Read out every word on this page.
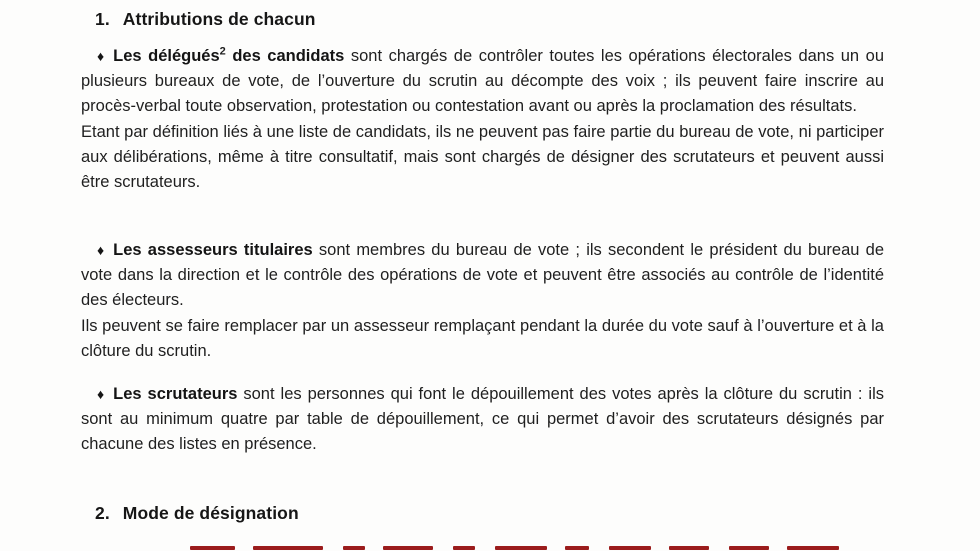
1. Attributions de chacun

♦ Les délégués$^2$ des candidats sont chargés de contrôler toutes les opérations électorales dans un ou plusieurs bureaux de vote, de l’ouverture du scrutin au décompte des voix ; ils peuvent faire inscrire au procès-verbal toute observation, protestation ou contestation avant ou après la proclamation des résultats.

Etant par définition liés à une liste de candidats, ils ne peuvent pas faire partie du bureau de vote, ni participer aux délibérations, même à titre consultatif, mais sont chargés de désigner des scrutateurs et peuvent aussi être scrutateurs.

♦ Les assesseurs titulaires sont membres du bureau de vote ; ils secondent le président du bureau de vote dans la direction et le contrôle des opérations de vote et peuvent être associés au contrôle de l’identité des électeurs.

Ils peuvent se faire remplacer par un assesseur remplaçant pendant la durée du vote sauf à l’ouverture et à la clôture du scrutin.

♦ Les scrutateurs sont les personnes qui font le dépouillement des votes après la clôture du scrutin : ils sont au minimum quatre par table de dépouillement, ce qui permet d’avoir des scrutateurs désignés par chacune des listes en présence.

2. Mode de désignation
